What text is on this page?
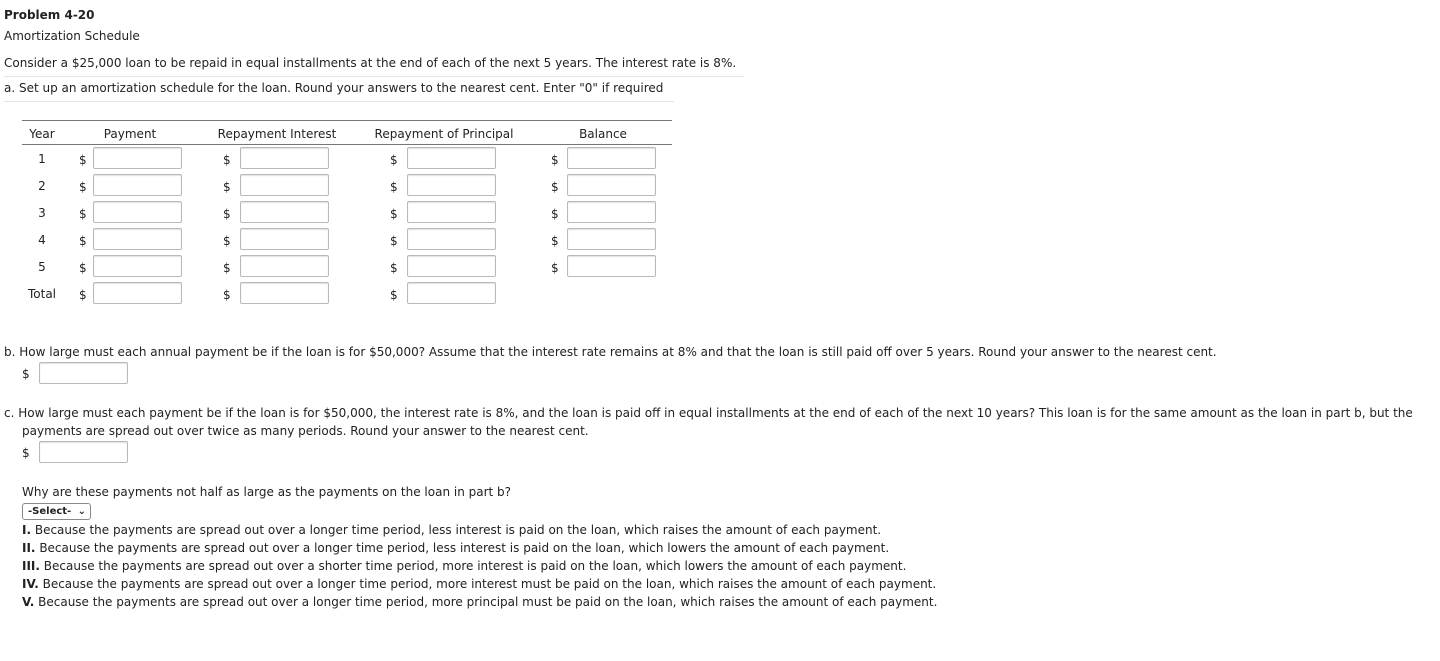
Problem 4-20
Amortization Schedule
Consider a $25,000 loan to be repaid in equal installments at the end of each of the next 5 years. The interest rate is 8%.
a. Set up an amortization schedule for the loan. Round your answers to the nearest cent. Enter "0" if required
Year	Payment	Repayment Interest	Repayment of Principal	Balance
1	$	$	$	$
2	$	$	$	$
3	$	$	$	$
4	$	$	$	$
5	$	$	$	$
Total	$	$	$
b. How large must each annual payment be if the loan is for $50,000? Assume that the interest rate remains at 8% and that the loan is still paid off over 5 years. Round your answer to the nearest cent.
$
c. How large must each payment be if the loan is for $50,000, the interest rate is 8%, and the loan is paid off in equal installments at the end of each of the next 10 years? This loan is for the same amount as the loan in part b, but the
payments are spread out over twice as many periods. Round your answer to the nearest cent.
$
Why are these payments not half as large as the payments on the loan in part b?
-Select- ⌄
I. Because the payments are spread out over a longer time period, less interest is paid on the loan, which raises the amount of each payment.
II. Because the payments are spread out over a longer time period, less interest is paid on the loan, which lowers the amount of each payment.
III. Because the payments are spread out over a shorter time period, more interest is paid on the loan, which lowers the amount of each payment.
IV. Because the payments are spread out over a longer time period, more interest must be paid on the loan, which raises the amount of each payment.
V. Because the payments are spread out over a longer time period, more principal must be paid on the loan, which raises the amount of each payment.
